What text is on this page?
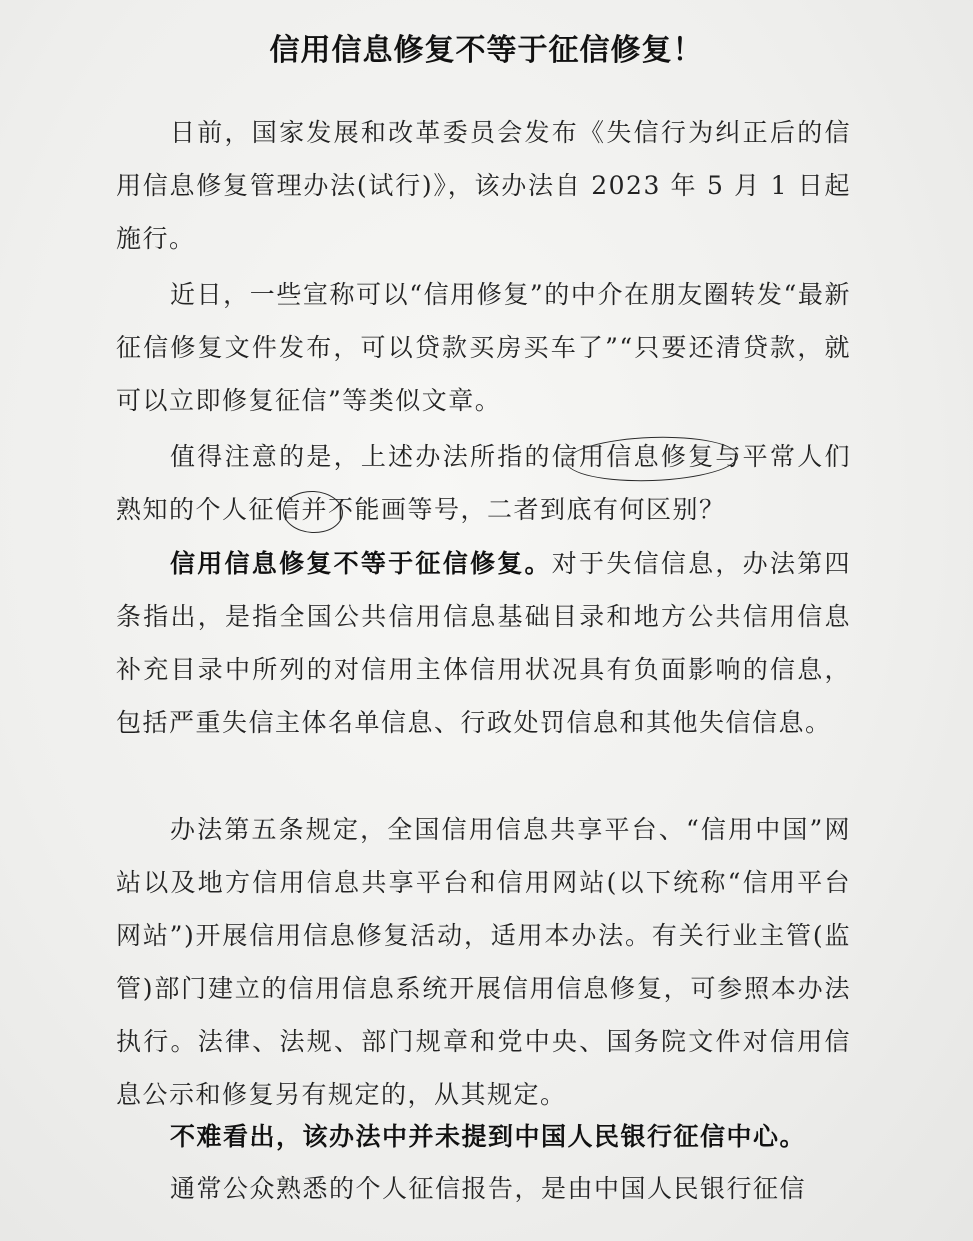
信用信息修复不等于征信修复！

日前，国家发展和改革委员会发布《失信行为纠正后的信用信息修复管理办法(试行)》，该办法自 2023 年 5 月 1 日起施行。

近日，一些宣称可以“信用修复”的中介在朋友圈转发“最新征信修复文件发布，可以贷款买房买车了”“只要还清贷款，就可以立即修复征信”等类似文章。

值得注意的是，上述办法所指的信用信息修复与平常人们熟知的个人征信并不能画等号，二者到底有何区别？

信用信息修复不等于征信修复。对于失信信息，办法第四条指出，是指全国公共信用信息基础目录和地方公共信用信息补充目录中所列的对信用主体信用状况具有负面影响的信息，包括严重失信主体名单信息、行政处罚信息和其他失信信息。

办法第五条规定，全国信用信息共享平台、“信用中国”网站以及地方信用信息共享平台和信用网站(以下统称“信用平台网站”)开展信用信息修复活动，适用本办法。有关行业主管(监管)部门建立的信用信息系统开展信用信息修复，可参照本办法执行。法律、法规、部门规章和党中央、国务院文件对信用信息公示和修复另有规定的，从其规定。

不难看出，该办法中并未提到中国人民银行征信中心。

通常公众熟悉的个人征信报告，是由中国人民银行征信
